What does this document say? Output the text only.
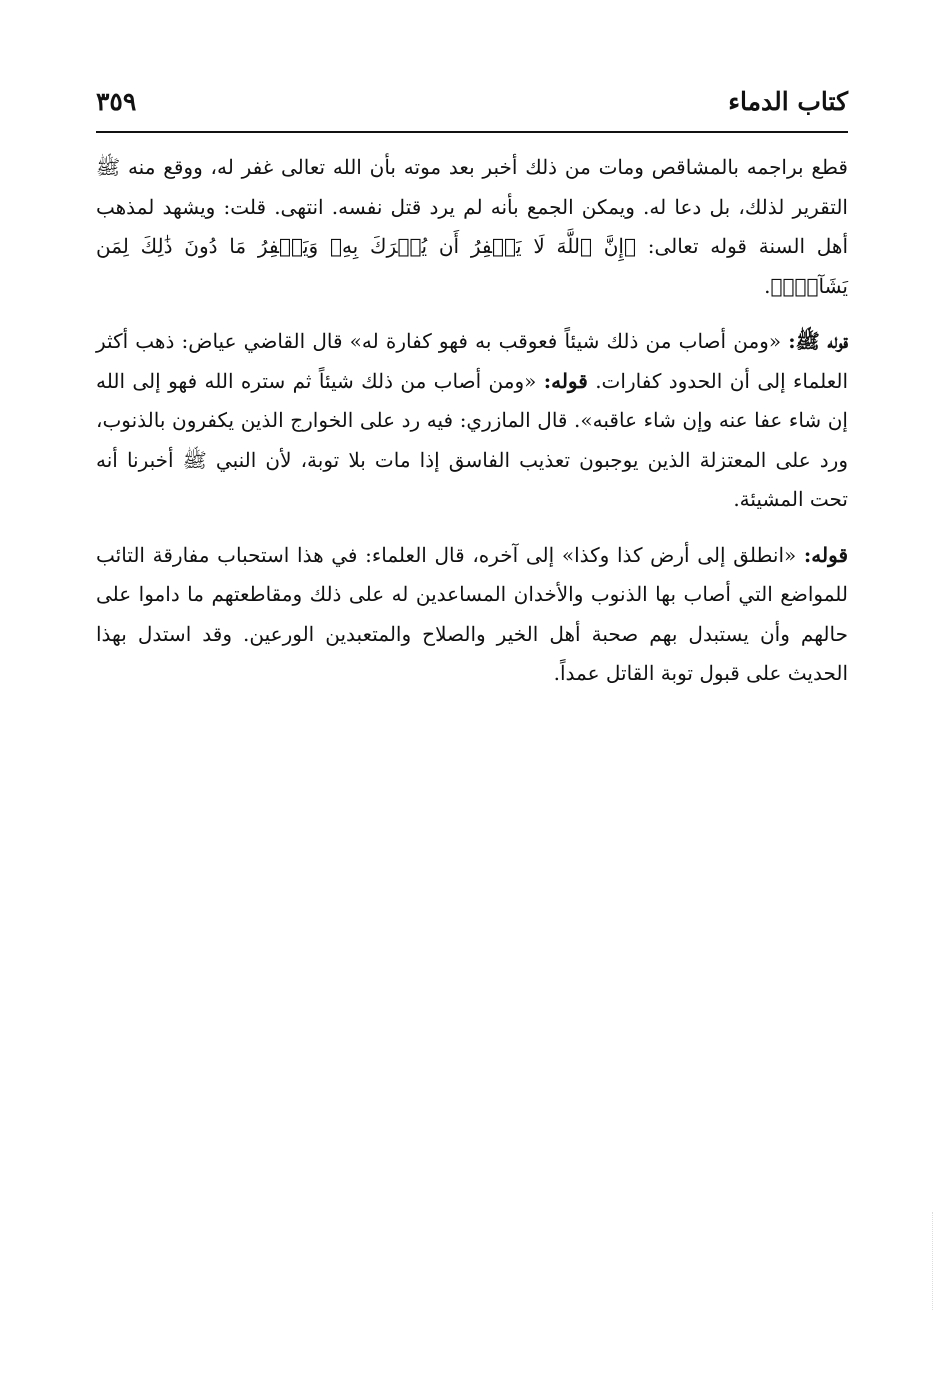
كتاب الدماء
٣٥٩

قطع براجمه بالمشاقص ومات من ذلك أخبر بعد موته بأن الله تعالى غفر له، ووقع منه ﷺ التقرير لذلك، بل دعا له. ويمكن الجمع بأنه لم يرد قتل نفسه. انتهى. قلت: ويشهد لمذهب أهل السنة قوله تعالى: ﴿إِنَّ ٱللَّهَ لَا يَغۡفِرُ أَن يُشۡرَكَ بِهِۦ وَيَغۡفِرُ مَا دُونَ ذَٰلِكَ لِمَن يَشَآءُۚ﴾.

قوله ﷺ: «ومن أصاب من ذلك شيئاً فعوقب به فهو كفارة له» قال القاضي عياض: ذهب أكثر العلماء إلى أن الحدود كفارات. قوله: «ومن أصاب من ذلك شيئاً ثم ستره الله فهو إلى الله إن شاء عفا عنه وإن شاء عاقبه». قال المازري: فيه رد على الخوارج الذين يكفرون بالذنوب، ورد على المعتزلة الذين يوجبون تعذيب الفاسق إذا مات بلا توبة، لأن النبي ﷺ أخبرنا أنه تحت المشيئة.

قوله: «انطلق إلى أرض كذا وكذا» إلى آخره، قال العلماء: في هذا استحباب مفارقة التائب للمواضع التي أصاب بها الذنوب والأخدان المساعدين له على ذلك ومقاطعتهم ما داموا على حالهم وأن يستبدل بهم صحبة أهل الخير والصلاح والمتعبدين الورعين. وقد استدل بهذا الحديث على قبول توبة القاتل عمداً.
